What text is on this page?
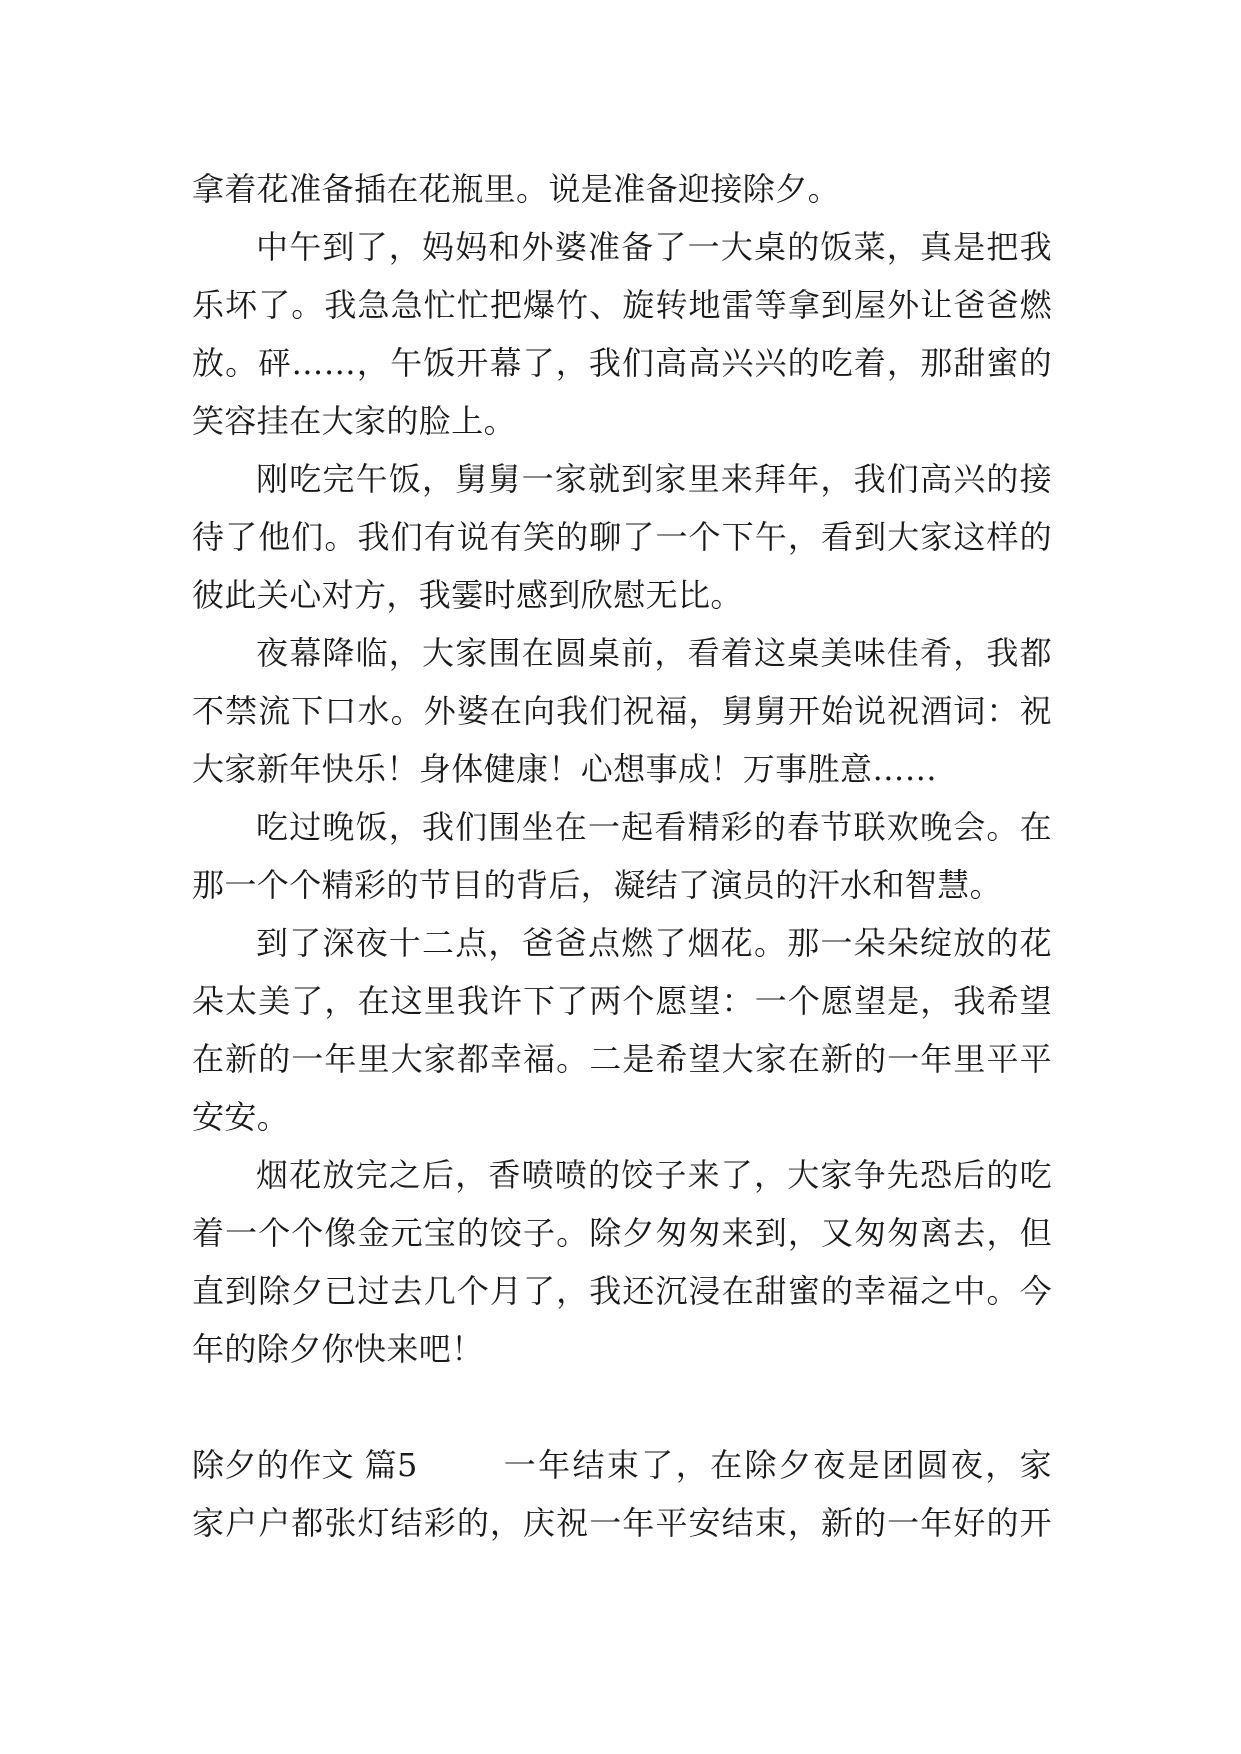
拿着花准备插在花瓶里。说是准备迎接除夕。
中午到了，妈妈和外婆准备了一大桌的饭菜，真是把我
乐坏了。我急急忙忙把爆竹、旋转地雷等拿到屋外让爸爸燃
放。砰……，午饭开幕了，我们高高兴兴的吃着，那甜蜜的
笑容挂在大家的脸上。
刚吃完午饭，舅舅一家就到家里来拜年，我们高兴的接
待了他们。我们有说有笑的聊了一个下午，看到大家这样的
彼此关心对方，我霎时感到欣慰无比。
夜幕降临，大家围在圆桌前，看着这桌美味佳肴，我都
不禁流下口水。外婆在向我们祝福，舅舅开始说祝酒词：祝
大家新年快乐！身体健康！心想事成！万事胜意……
吃过晚饭，我们围坐在一起看精彩的春节联欢晚会。在
那一个个精彩的节目的背后，凝结了演员的汗水和智慧。
到了深夜十二点，爸爸点燃了烟花。那一朵朵绽放的花
朵太美了，在这里我许下了两个愿望：一个愿望是，我希望
在新的一年里大家都幸福。二是希望大家在新的一年里平平
安安。
烟花放完之后，香喷喷的饺子来了，大家争先恐后的吃
着一个个像金元宝的饺子。除夕匆匆来到，又匆匆离去，但
直到除夕已过去几个月了，我还沉浸在甜蜜的幸福之中。今
年的除夕你快来吧！
除夕的作文 篇5	一年结束了，在除夕夜是团圆夜，家
家户户都张灯结彩的，庆祝一年平安结束，新的一年好的开
